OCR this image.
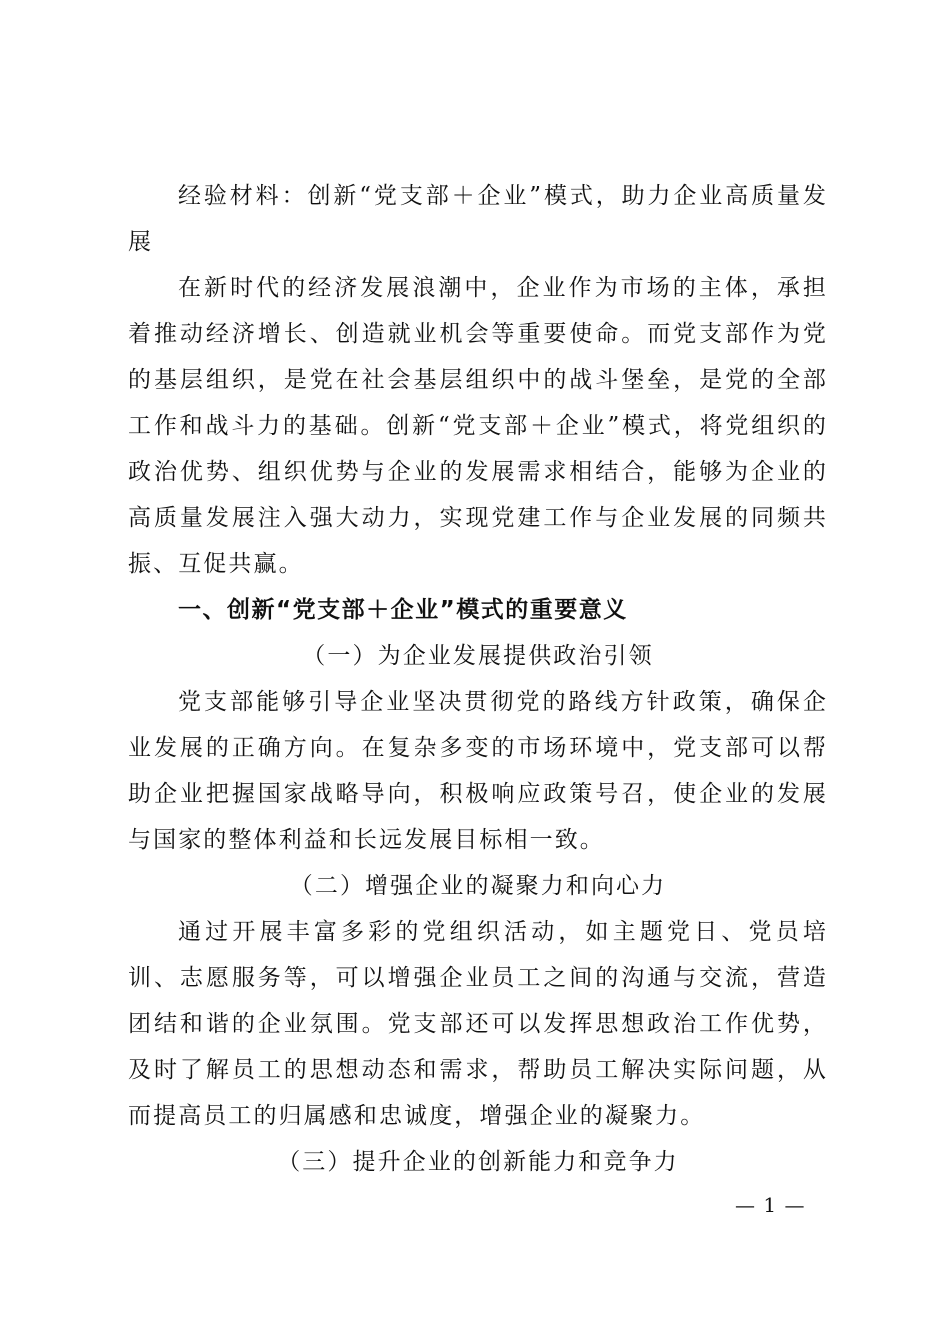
经验材料：创新“党支部＋企业”模式，助力企业高质量发展
在新时代的经济发展浪潮中，企业作为市场的主体，承担着推动经济增长、创造就业机会等重要使命。而党支部作为党的基层组织，是党在社会基层组织中的战斗堡垒，是党的全部工作和战斗力的基础。创新“党支部＋企业”模式，将党组织的政治优势、组织优势与企业的发展需求相结合，能够为企业的高质量发展注入强大动力，实现党建工作与企业发展的同频共振、互促共赢。
一、创新“党支部＋企业”模式的重要意义
（一）为企业发展提供政治引领
党支部能够引导企业坚决贯彻党的路线方针政策，确保企业发展的正确方向。在复杂多变的市场环境中，党支部可以帮助企业把握国家战略导向，积极响应政策号召，使企业的发展与国家的整体利益和长远发展目标相一致。
（二）增强企业的凝聚力和向心力
通过开展丰富多彩的党组织活动，如主题党日、党员培训、志愿服务等，可以增强企业员工之间的沟通与交流，营造团结和谐的企业氛围。党支部还可以发挥思想政治工作优势，及时了解员工的思想动态和需求，帮助员工解决实际问题，从而提高员工的归属感和忠诚度，增强企业的凝聚力。
（三）提升企业的创新能力和竞争力
— 1 —
